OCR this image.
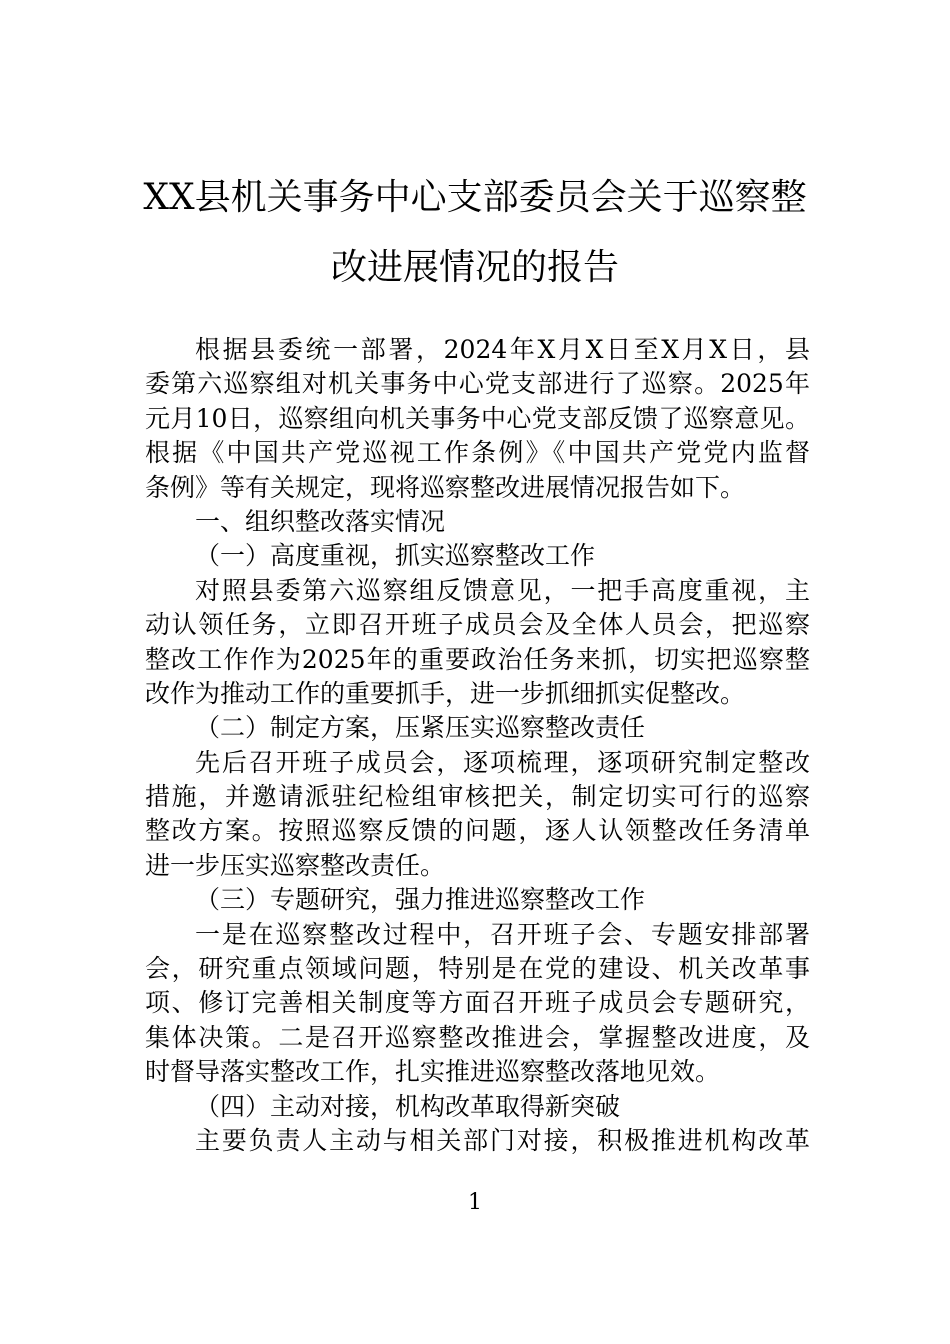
XX县机关事务中心支部委员会关于巡察整
改进展情况的报告
根据县委统一部署，2024年X月X日至X月X日，县
委第六巡察组对机关事务中心党支部进行了巡察。2025年
元月10日，巡察组向机关事务中心党支部反馈了巡察意见。
根据《中国共产党巡视工作条例》《中国共产党党内监督
条例》等有关规定，现将巡察整改进展情况报告如下。
一、组织整改落实情况
（一）高度重视，抓实巡察整改工作
对照县委第六巡察组反馈意见，一把手高度重视，主
动认领任务，立即召开班子成员会及全体人员会，把巡察
整改工作作为2025年的重要政治任务来抓，切实把巡察整
改作为推动工作的重要抓手，进一步抓细抓实促整改。
（二）制定方案，压紧压实巡察整改责任
先后召开班子成员会，逐项梳理，逐项研究制定整改
措施，并邀请派驻纪检组审核把关，制定切实可行的巡察
整改方案。按照巡察反馈的问题，逐人认领整改任务清单
进一步压实巡察整改责任。
（三）专题研究，强力推进巡察整改工作
一是在巡察整改过程中，召开班子会、专题安排部署
会，研究重点领域问题，特别是在党的建设、机关改革事
项、修订完善相关制度等方面召开班子成员会专题研究，
集体决策。二是召开巡察整改推进会，掌握整改进度，及
时督导落实整改工作，扎实推进巡察整改落地见效。
（四）主动对接，机构改革取得新突破
主要负责人主动与相关部门对接，积极推进机构改革
1
